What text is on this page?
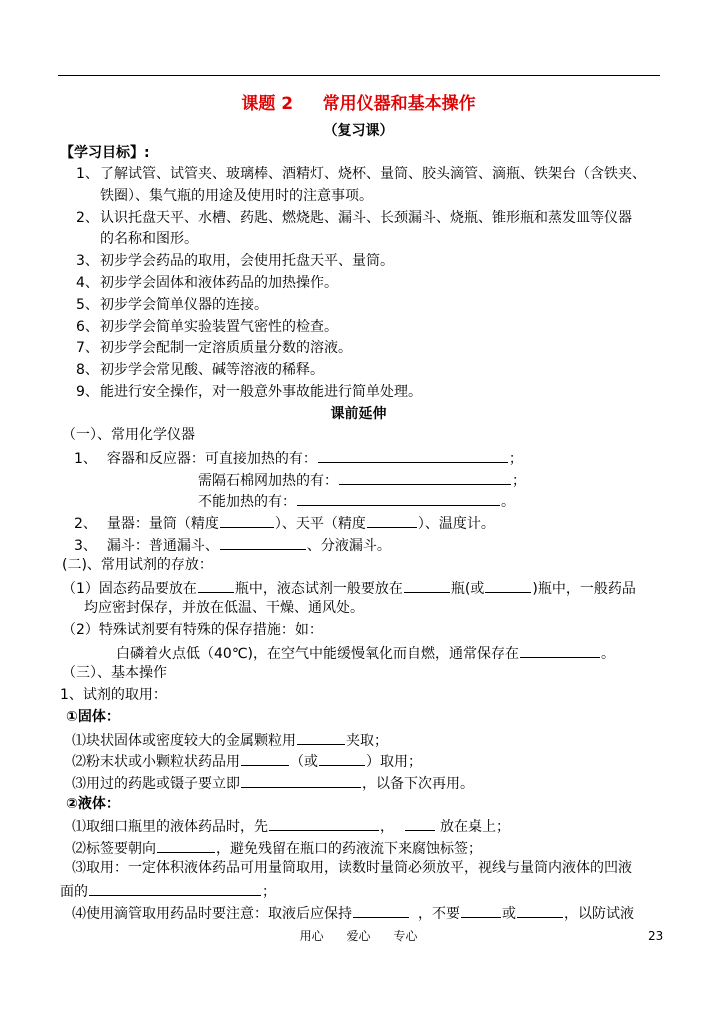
课题 2     常用仪器和基本操作
（复习课）
【学习目标】:
1、 了解试管、试管夹、玻璃棒、酒精灯、烧杯、量筒、胶头滴管、滴瓶、铁架台（含铁夹、
铁圈）、集气瓶的用途及使用时的注意事项。
2、 认识托盘天平、水槽、药匙、燃烧匙、漏斗、长颈漏斗、烧瓶、锥形瓶和蒸发皿等仪器
的名称和图形。
3、 初步学会药品的取用，会使用托盘天平、量筒。
4、 初步学会固体和液体药品的加热操作。
5、 初步学会简单仪器的连接。
6、 初步学会简单实验装置气密性的检查。
7、 初步学会配制一定溶质质量分数的溶液。
8、 初步学会常见酸、碱等溶液的稀释。
9、 能进行安全操作，对一般意外事故能进行简单处理。
课前延伸
（一）、常用化学仪器
1、 容器和反应器：可直接加热的有：	；
需隔石棉网加热的有：	；
不能加热的有：	。
2、 量器：量筒（精度	）、天平（精度	）、温度计。
3、 漏斗：普通漏斗、	、分液漏斗。
(二)、常用试剂的存放：
（1）固态药品要放在	瓶中，液态试剂一般要放在	瓶(或	)瓶中，一般药品
均应密封保存，并放在低温、干燥、通风处。
（2）特殊试剂要有特殊的保存措施：如：
白磷着火点低（40℃)，在空气中能缓慢氧化而自燃，通常保存在	。
（三）、基本操作
1、试剂的取用：
①固体：
⑴块状固体或密度较大的金属颗粒用	夹取；
⑵粉末状或小颗粒状药品用	（或	）取用；
⑶用过的药匙或镊子要立即	，以备下次再用。
②液体：
⑴取细口瓶里的液体药品时，先	，	放在桌上；
⑵标签要朝向	，避免残留在瓶口的药液流下来腐蚀标签；
⑶取用：一定体积液体药品可用量筒取用，读数时量筒必须放平，视线与量筒内液体的凹液
面的	；
⑷使用滴管取用药品时要注意：取液后应保持	，不要	或	，以防试液
用心      爱心      专心	23
